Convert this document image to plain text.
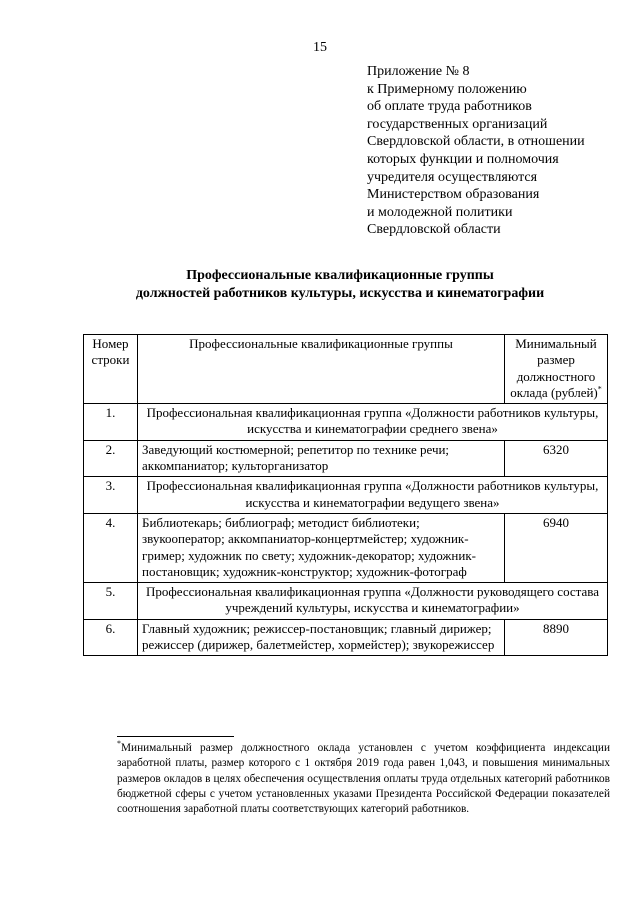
15
Приложение № 8
к Примерному положению
об оплате труда работников
государственных организаций
Свердловской области, в отношении
которых функции и полномочия
учредителя осуществляются
Министерством образования
и молодежной политики
Свердловской области
Профессиональные квалификационные группы
должностей работников культуры, искусства и кинематографии
Номер строки	Профессиональные квалификационные группы	Минимальный размер должностного оклада (рублей)*
1.	Профессиональная квалификационная группа «Должности работников культуры, искусства и кинематографии среднего звена»	
2.	Заведующий костюмерной; репетитор по технике речи; аккомпаниатор; культорганизатор	6320
3.	Профессиональная квалификационная группа «Должности работников культуры, искусства и кинематографии ведущего звена»	
4.	Библиотекарь; библиограф; методист библиотеки; звукооператор; аккомпаниатор-концертмейстер; художник-гример; художник по свету; художник-декоратор; художник-постановщик; художник-конструктор; художник-фотограф	6940
5.	Профессиональная квалификационная группа «Должности руководящего состава учреждений культуры, искусства и кинематографии»	
6.	Главный художник; режиссер-постановщик; главный дирижер; режиссер (дирижер, балетмейстер, хормейстер); звукорежиссер	8890
*Минимальный размер должностного оклада установлен с учетом коэффициента индексации заработной платы, размер которого с 1 октября 2019 года равен 1,043, и повышения минимальных размеров окладов в целях обеспечения осуществления оплаты труда отдельных категорий работников бюджетной сферы с учетом установленных указами Президента Российской Федерации показателей соотношения заработной платы соответствующих категорий работников.
